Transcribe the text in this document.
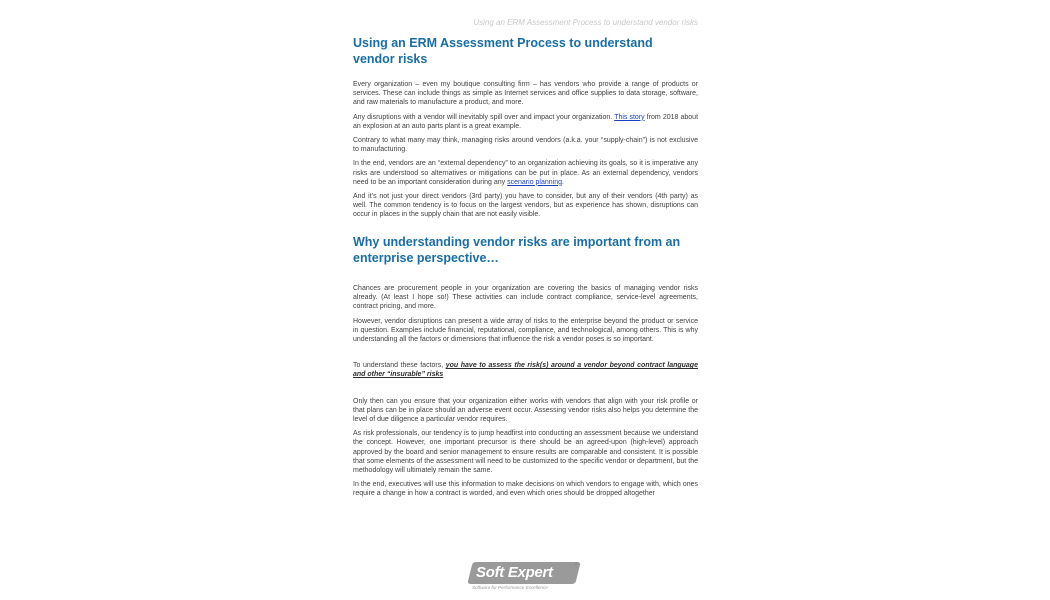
Using an ERM Assessment Process to understand vendor risks
Using an ERM Assessment Process to understand vendor risks

Every organization – even my boutique consulting firm – has vendors who provide a range of products or services. These can include things as simple as Internet services and office supplies to data storage, software, and raw materials to manufacture a product, and more.

Any disruptions with a vendor will inevitably spill over and impact your organization. This story from 2018 about an explosion at an auto parts plant is a great example.

Contrary to what many may think, managing risks around vendors (a.k.a. your “supply-chain”) is not exclusive to manufacturing.

In the end, vendors are an “external dependency” to an organization achieving its goals, so it is imperative any risks are understood so alternatives or mitigations can be put in place. As an external dependency, vendors need to be an important consideration during any scenario planning.

And it’s not just your direct vendors (3rd party) you have to consider, but any of their vendors (4th party) as well. The common tendency is to focus on the largest vendors, but as experience has shown, disruptions can occur in places in the supply chain that are not easily visible.

Why understanding vendor risks are important from an enterprise perspective…

Chances are procurement people in your organization are covering the basics of managing vendor risks already. (At least I hope so!) These activities can include contract compliance, service-level agreements, contract pricing, and more.

However, vendor disruptions can present a wide array of risks to the enterprise beyond the product or service in question. Examples include financial, reputational, compliance, and technological, among others. This is why understanding all the factors or dimensions that influence the risk a vendor poses is so important.

To understand these factors, you have to assess the risk(s) around a vendor beyond contract language and other “insurable” risks

Only then can you ensure that your organization either works with vendors that align with your risk profile or that plans can be in place should an adverse event occur. Assessing vendor risks also helps you determine the level of due diligence a particular vendor requires.

As risk professionals, our tendency is to jump headfirst into conducting an assessment because we understand the concept. However, one important precursor is there should be an agreed-upon (high-level) approach approved by the board and senior management to ensure results are comparable and consistent. It is possible that some elements of the assessment will need to be customized to the specific vendor or department, but the methodology will ultimately remain the same.

In the end, executives will use this information to make decisions on which vendors to engage with, which ones require a change in how a contract is worded, and even which ones should be dropped altogether

Soft Expert	®
Software for Performance Excellence
